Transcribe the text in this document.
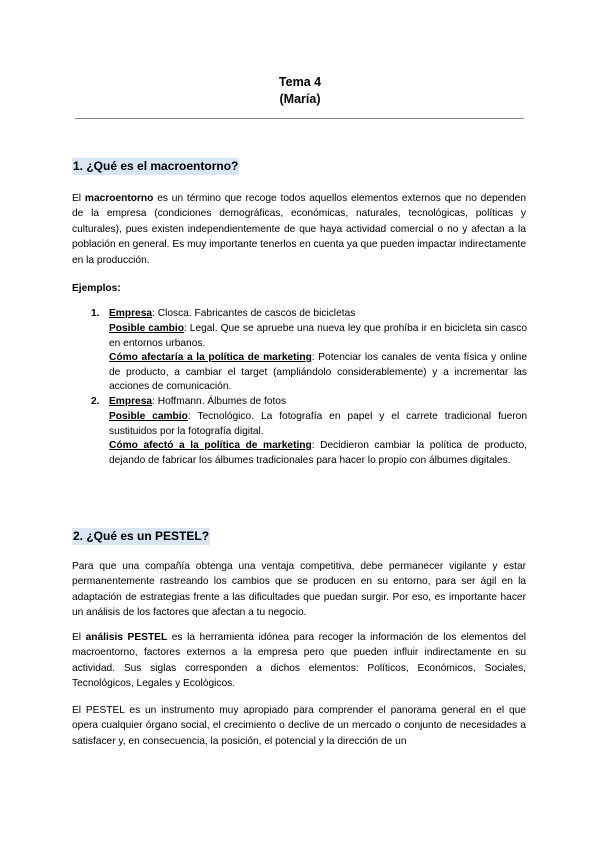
Tema 4
(María)
1. ¿Qué es el macroentorno?

El macroentorno es un término que recoge todos aquellos elementos externos que no dependen de la empresa (condiciones demográficas, económicas, naturales, tecnológicas, políticas y culturales), pues existen independientemente de que haya actividad comercial o no y afectan a la población en general. Es muy importante tenerlos en cuenta ya que pueden impactar indirectamente en la producción.

Ejemplos:

1. Empresa: Closca. Fabricantes de cascos de bicicletas
Posible cambio: Legal. Que se apruebe una nueva ley que prohíba ir en bicicleta sin casco en entornos urbanos.
Cómo afectaría a la política de marketing: Potenciar los canales de venta física y online de producto, a cambiar el target (ampliándolo considerablemente) y a incrementar las acciones de comunicación.
2. Empresa: Hoffmann. Álbumes de fotos
Posible cambio: Tecnológico. La fotografía en papel y el carrete tradicional fueron sustituidos por la fotografía digital.
Cómo afectó a la política de marketing: Decidieron cambiar la política de producto, dejando de fabricar los álbumes tradicionales para hacer lo propio con álbumes digitales.
2. ¿Qué es un PESTEL?

Para que una compañía obtenga una ventaja competitiva, debe permanecer vigilante y estar permanentemente rastreando los cambios que se producen en su entorno, para ser ágil en la adaptación de estrategias frente a las dificultades que puedan surgir. Por eso, es importante hacer un análisis de los factores que afectan a tu negocio.

El análisis PESTEL es la herramienta idónea para recoger la información de los elementos del macroentorno, factores externos a la empresa pero que pueden influir indirectamente en su actividad. Sus siglas corresponden a dichos elementos: Políticos, Económicos, Sociales, Tecnológicos, Legales y Ecológicos.

El PESTEL es un instrumento muy apropiado para comprender el panorama general en el que opera cualquier órgano social, el crecimiento o declive de un mercado o conjunto de necesidades a satisfacer y, en consecuencia, la posición, el potencial y la dirección de un
